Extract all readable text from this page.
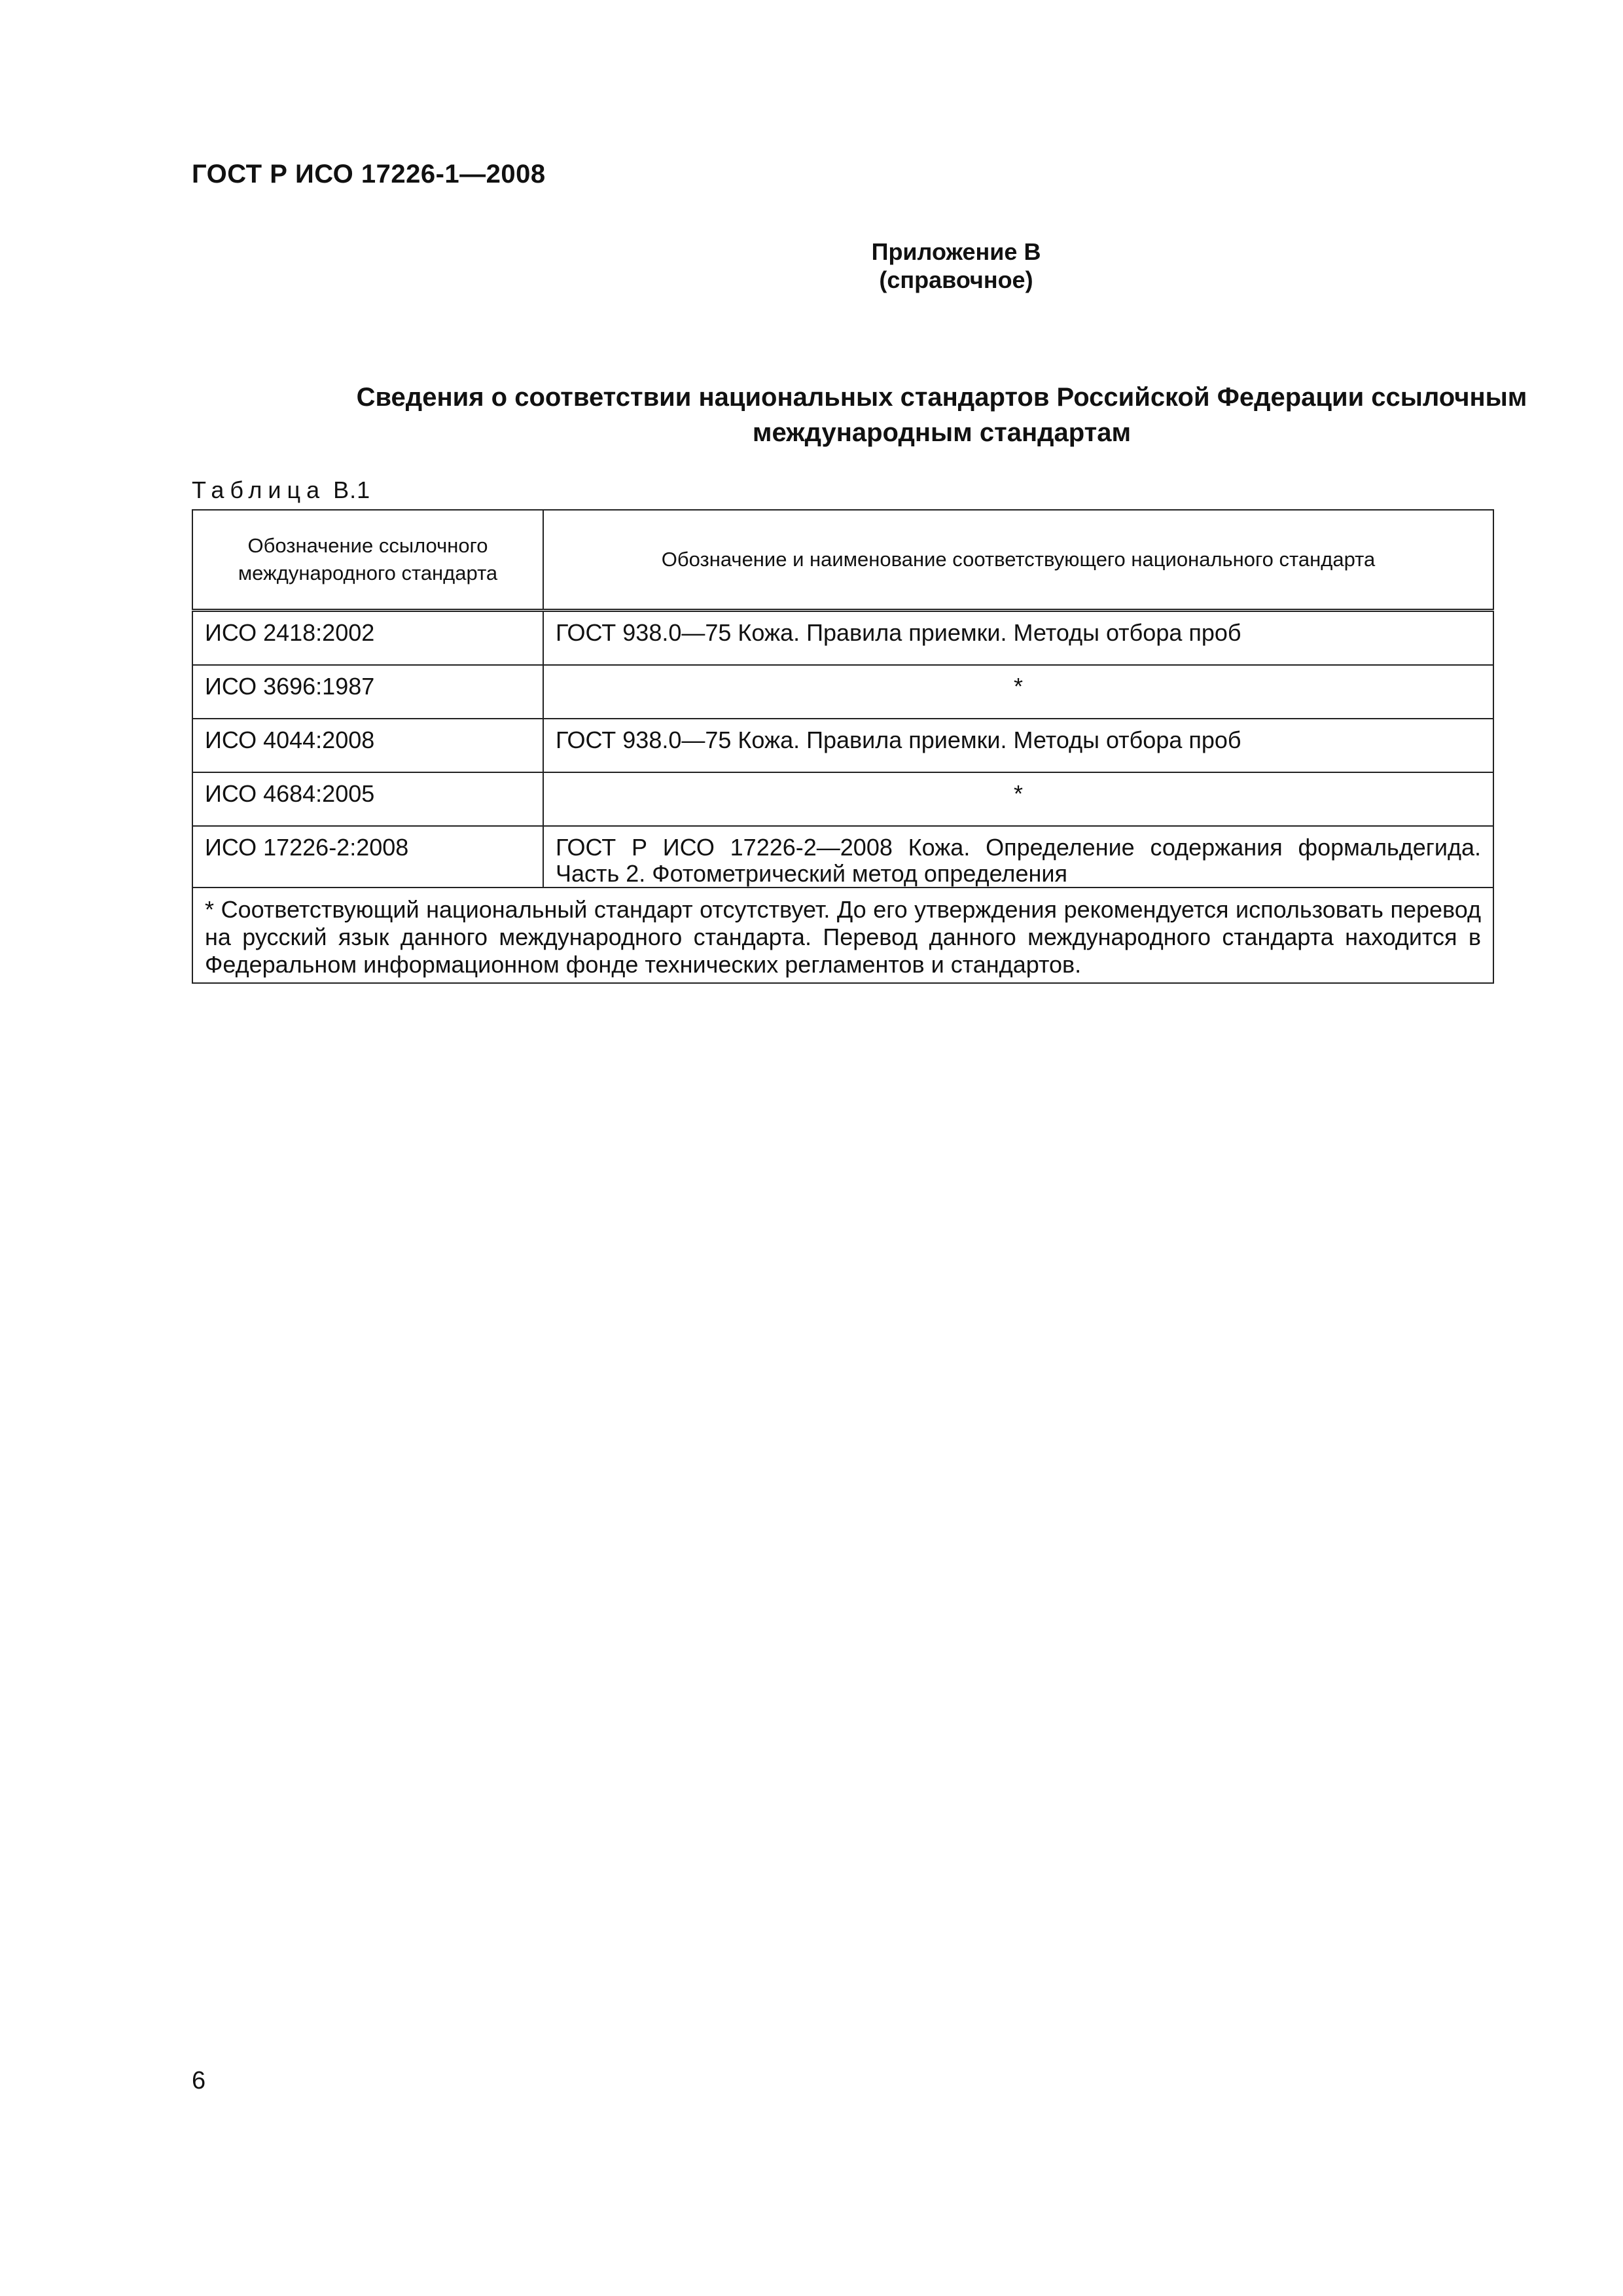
ГОСТ Р ИСО 17226-1—2008
Приложение В
(справочное)
Сведения о соответствии национальных стандартов Российской Федерации ссылочным
международным стандартам
Таблица В.1
Обозначение ссылочного международного стандарта	Обозначение и наименование соответствующего национального стандарта
ИСО 2418:2002	ГОСТ 938.0—75 Кожа. Правила приемки. Методы отбора проб
ИСО 3696:1987	*
ИСО 4044:2008	ГОСТ 938.0—75 Кожа. Правила приемки. Методы отбора проб
ИСО 4684:2005	*
ИСО 17226-2:2008	ГОСТ Р ИСО 17226-2—2008 Кожа. Определение содержания формальдегида. Часть 2. Фотометрический метод определения
* Соответствующий национальный стандарт отсутствует. До его утверждения рекомендуется использовать перевод на русский язык данного международного стандарта. Перевод данного международного стандарта находится в Федеральном информационном фонде технических регламентов и стандартов.	
6
